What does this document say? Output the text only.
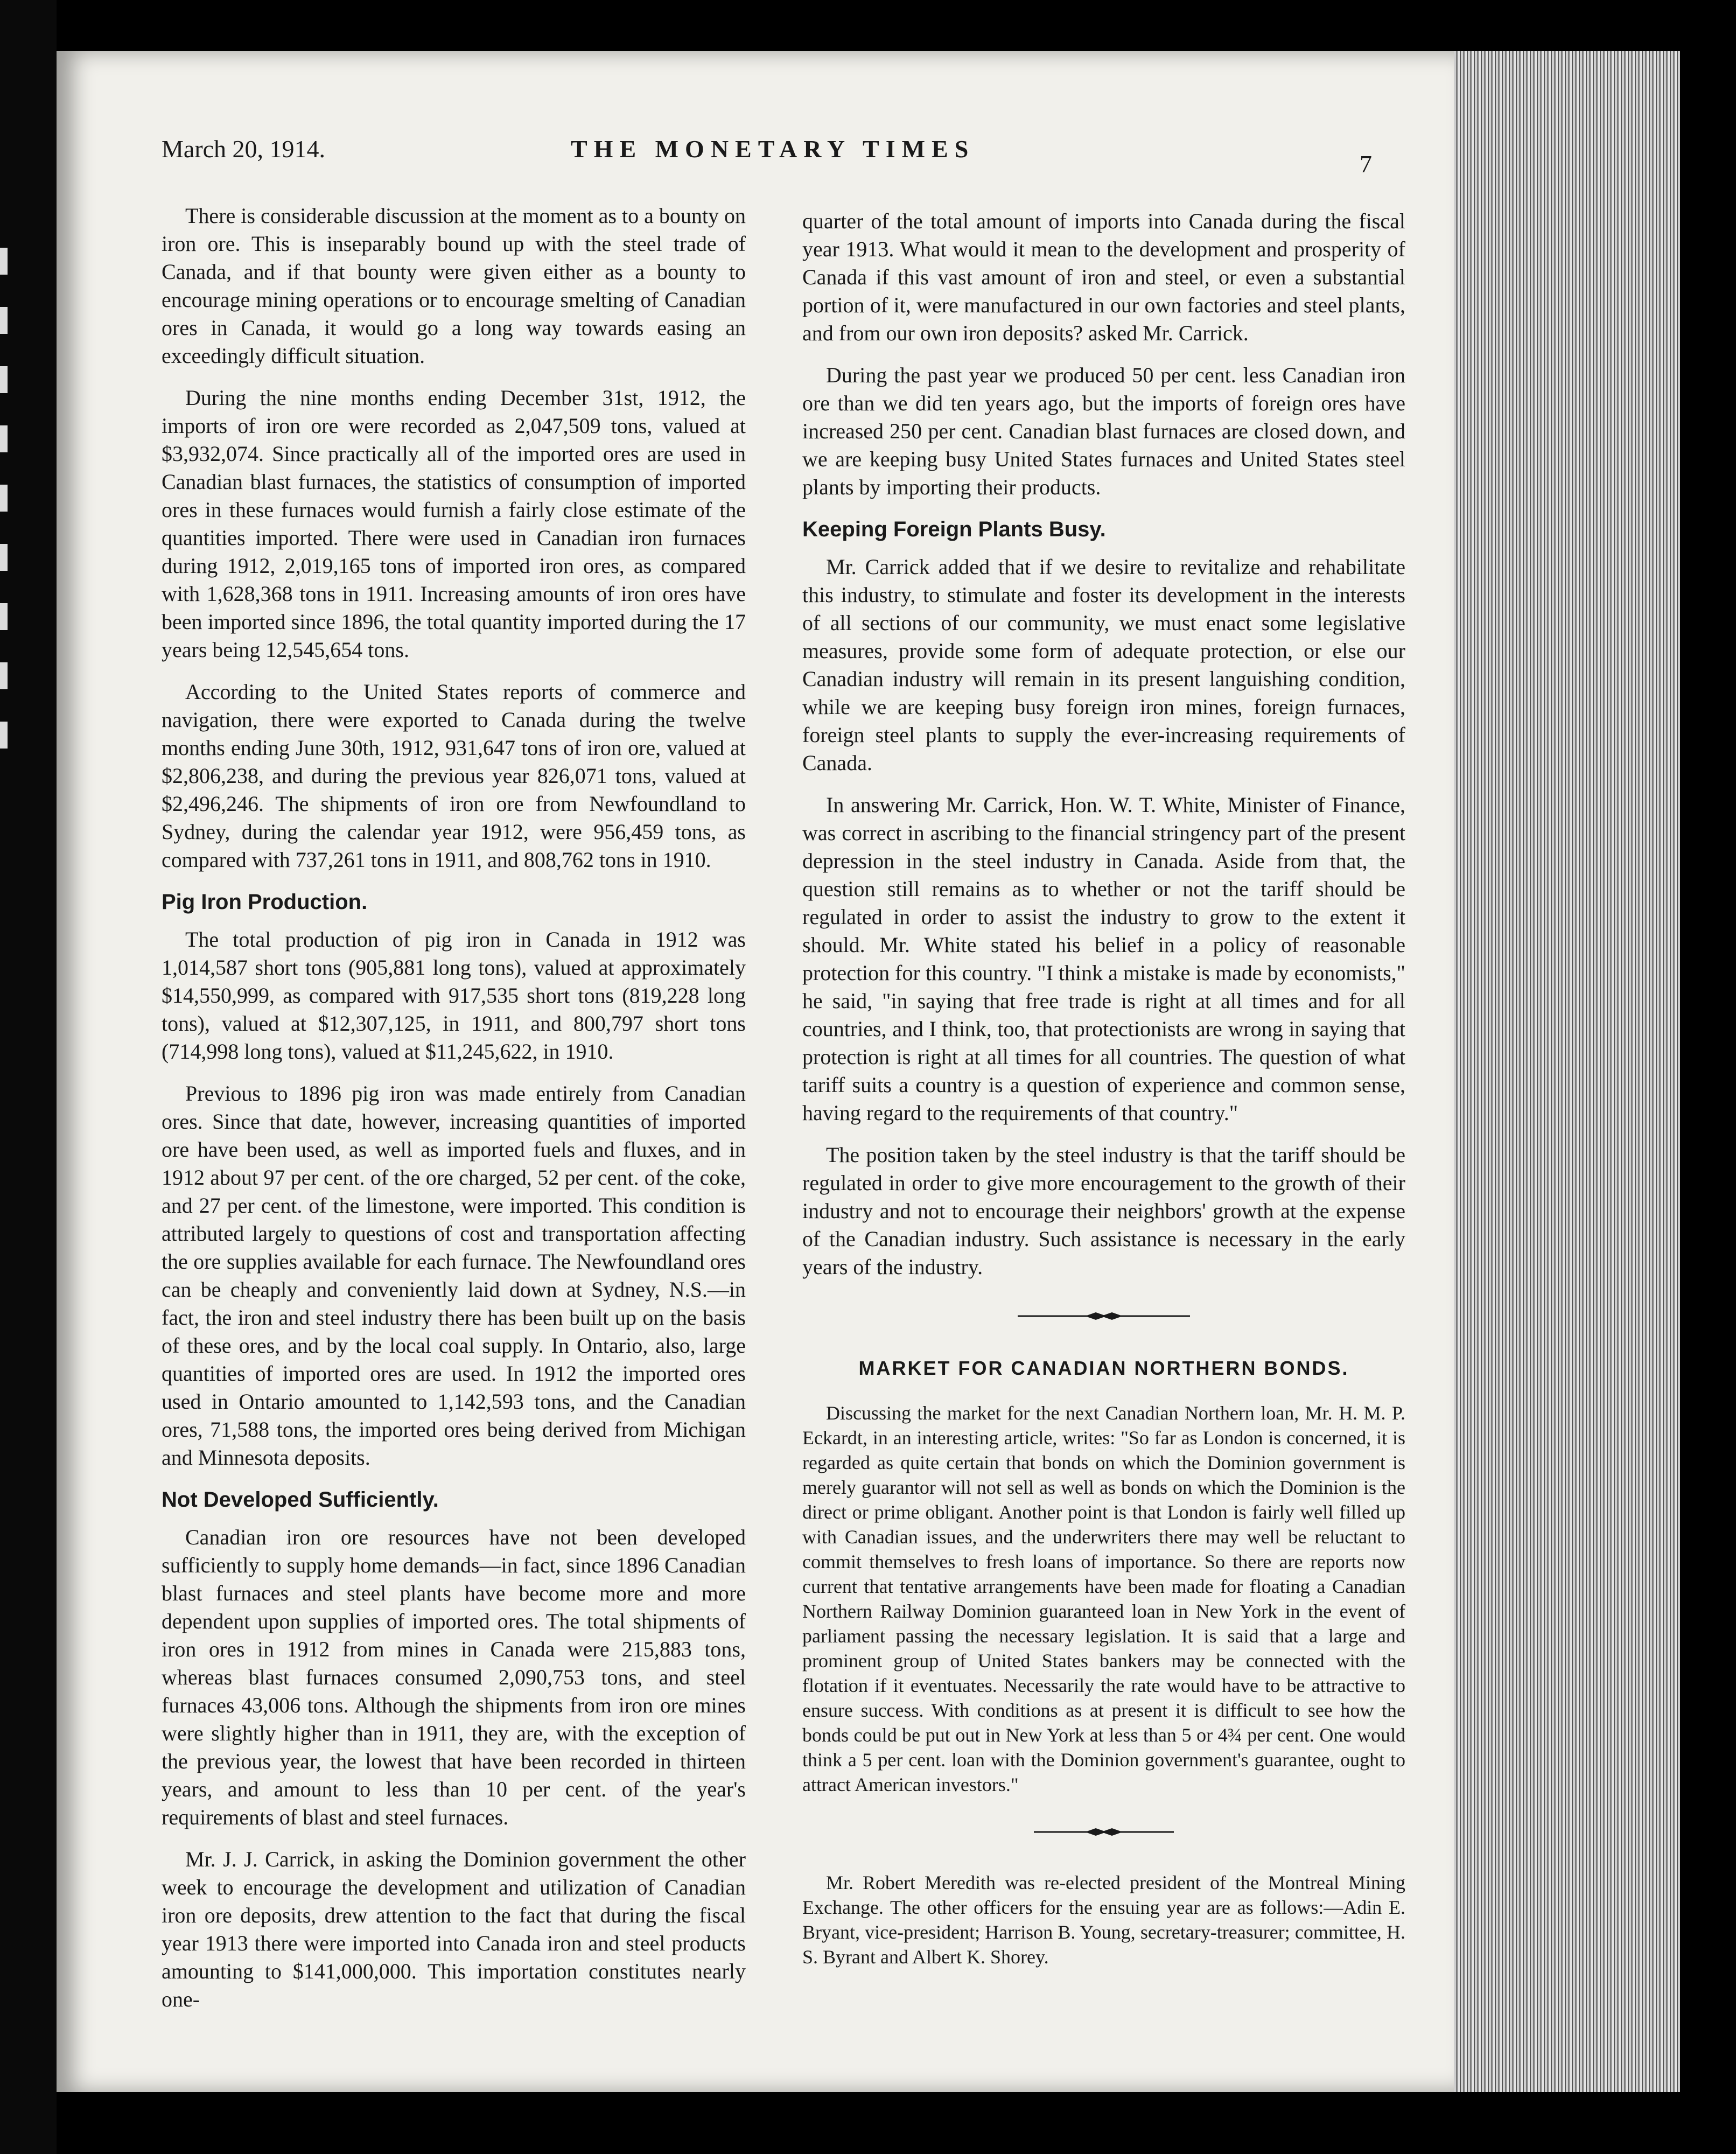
March 20, 1914.	THE MONETARY TIMES
7

There is considerable discussion at the moment as to a bounty on iron ore. This is inseparably bound up with the steel trade of Canada, and if that bounty were given either as a bounty to encourage mining operations or to encourage smelting of Canadian ores in Canada, it would go a long way towards easing an exceedingly difficult situation.

During the nine months ending December 31st, 1912, the imports of iron ore were recorded as 2,047,509 tons, valued at $3,932,074. Since practically all of the imported ores are used in Canadian blast furnaces, the statistics of consumption of imported ores in these furnaces would furnish a fairly close estimate of the quantities imported. There were used in Canadian iron furnaces during 1912, 2,019,165 tons of imported iron ores, as compared with 1,628,368 tons in 1911. Increasing amounts of iron ores have been imported since 1896, the total quantity imported during the 17 years being 12,545,654 tons.

According to the United States reports of commerce and navigation, there were exported to Canada during the twelve months ending June 30th, 1912, 931,647 tons of iron ore, valued at $2,806,238, and during the previous year 826,071 tons, valued at $2,496,246. The shipments of iron ore from Newfoundland to Sydney, during the calendar year 1912, were 956,459 tons, as compared with 737,261 tons in 1911, and 808,762 tons in 1910.

Pig Iron Production.

The total production of pig iron in Canada in 1912 was 1,014,587 short tons (905,881 long tons), valued at approximately $14,550,999, as compared with 917,535 short tons (819,228 long tons), valued at $12,307,125, in 1911, and 800,797 short tons (714,998 long tons), valued at $11,245,622, in 1910.

Previous to 1896 pig iron was made entirely from Canadian ores. Since that date, however, increasing quantities of imported ore have been used, as well as imported fuels and fluxes, and in 1912 about 97 per cent. of the ore charged, 52 per cent. of the coke, and 27 per cent. of the limestone, were imported. This condition is attributed largely to questions of cost and transportation affecting the ore supplies available for each furnace. The Newfoundland ores can be cheaply and conveniently laid down at Sydney, N.S.—in fact, the iron and steel industry there has been built up on the basis of these ores, and by the local coal supply. In Ontario, also, large quantities of imported ores are used. In 1912 the imported ores used in Ontario amounted to 1,142,593 tons, and the Canadian ores, 71,588 tons, the imported ores being derived from Michigan and Minnesota deposits.

Not Developed Sufficiently.

Canadian iron ore resources have not been developed sufficiently to supply home demands—in fact, since 1896 Canadian blast furnaces and steel plants have become more and more dependent upon supplies of imported ores. The total shipments of iron ores in 1912 from mines in Canada were 215,883 tons, whereas blast furnaces consumed 2,090,753 tons, and steel furnaces 43,006 tons. Although the shipments from iron ore mines were slightly higher than in 1911, they are, with the exception of the previous year, the lowest that have been recorded in thirteen years, and amount to less than 10 per cent. of the year's requirements of blast and steel furnaces.

Mr. J. J. Carrick, in asking the Dominion government the other week to encourage the development and utilization of Canadian iron ore deposits, drew attention to the fact that during the fiscal year 1913 there were imported into Canada iron and steel products amounting to $141,000,000. This importation constitutes nearly one-

quarter of the total amount of imports into Canada during the fiscal year 1913. What would it mean to the development and prosperity of Canada if this vast amount of iron and steel, or even a substantial portion of it, were manufactured in our own factories and steel plants, and from our own iron deposits? asked Mr. Carrick.

During the past year we produced 50 per cent. less Canadian iron ore than we did ten years ago, but the imports of foreign ores have increased 250 per cent. Canadian blast furnaces are closed down, and we are keeping busy United States furnaces and United States steel plants by importing their products.

Keeping Foreign Plants Busy.

Mr. Carrick added that if we desire to revitalize and rehabilitate this industry, to stimulate and foster its development in the interests of all sections of our community, we must enact some legislative measures, provide some form of adequate protection, or else our Canadian industry will remain in its present languishing condition, while we are keeping busy foreign iron mines, foreign furnaces, foreign steel plants to supply the ever-increasing requirements of Canada.

In answering Mr. Carrick, Hon. W. T. White, Minister of Finance, was correct in ascribing to the financial stringency part of the present depression in the steel industry in Canada. Aside from that, the question still remains as to whether or not the tariff should be regulated in order to assist the industry to grow to the extent it should. Mr. White stated his belief in a policy of reasonable protection for this country. "I think a mistake is made by economists," he said, "in saying that free trade is right at all times and for all countries, and I think, too, that protectionists are wrong in saying that protection is right at all times for all countries. The question of what tariff suits a country is a question of experience and common sense, having regard to the requirements of that country."

The position taken by the steel industry is that the tariff should be regulated in order to give more encouragement to the growth of their industry and not to encourage their neighbors' growth at the expense of the Canadian industry. Such assistance is necessary in the early years of the industry.

MARKET FOR CANADIAN NORTHERN BONDS.

Discussing the market for the next Canadian Northern loan, Mr. H. M. P. Eckardt, in an interesting article, writes: "So far as London is concerned, it is regarded as quite certain that bonds on which the Dominion government is merely guarantor will not sell as well as bonds on which the Dominion is the direct or prime obligant. Another point is that London is fairly well filled up with Canadian issues, and the underwriters there may well be reluctant to commit themselves to fresh loans of importance. So there are reports now current that tentative arrangements have been made for floating a Canadian Northern Railway Dominion guaranteed loan in New York in the event of parliament passing the necessary legislation. It is said that a large and prominent group of United States bankers may be connected with the flotation if it eventuates. Necessarily the rate would have to be attractive to ensure success. With conditions as at present it is difficult to see how the bonds could be put out in New York at less than 5 or 4¾ per cent. One would think a 5 per cent. loan with the Dominion government's guarantee, ought to attract American investors."

Mr. Robert Meredith was re-elected president of the Montreal Mining Exchange. The other officers for the ensuing year are as follows:—Adin E. Bryant, vice-president; Harrison B. Young, secretary-treasurer; committee, H. S. Byrant and Albert K. Shorey.
